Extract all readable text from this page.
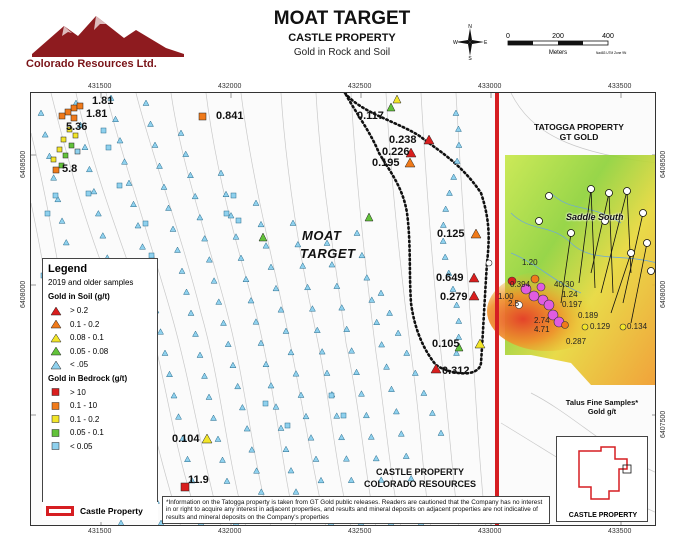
Colorado Resources Ltd.
MOAT TARGET
CASTLE PROPERTY
Gold in Rock and Soil
N
S
W	E
0	200	400
Meters	Nad83 UTM Zone 9N
431500	432000	432500	433000	433500
431500	432000	432500	433000	433500
6408500
6408000
6408500
6408000
6407500
1.81
1.81
5.36
5.8
0.841	0.117
0.238
0.226
0.195
0.125
0.649
0.279
0.105
0.312
0.104
11.9
1.20
40.30
1.00
2.5
1.24
0.197
0.394
2.74
4.71
0.189
0.129 0.134
0.287
MOAT
TARGET
TATOGGA PROPERTY
GT GOLD
Saddle South
CASTLE PROPERTY
COLORADO RESOURCES
Talus Fine Samples*
Gold g/t
Legend
2019 and older samples
Gold in Soil (g/t)
> 0.2
0.1 - 0.2
0.08 - 0.1
0.05 - 0.08
< .05
Gold in Bedrock (g/t)
> 10
0.1 - 10
0.1 - 0.2
0.05 - 0.1
< 0.05
Castle Property
*Information on the Tatogga property is taken from GT Gold public releases. Readers are cautioned that the Company has no interest in or right to acquire any interest in adjacent properties, and results and mineral deposits on adjacent properties are not indicative of results and mineral deposits on the Company's properties	CASTLE PROPERTY
